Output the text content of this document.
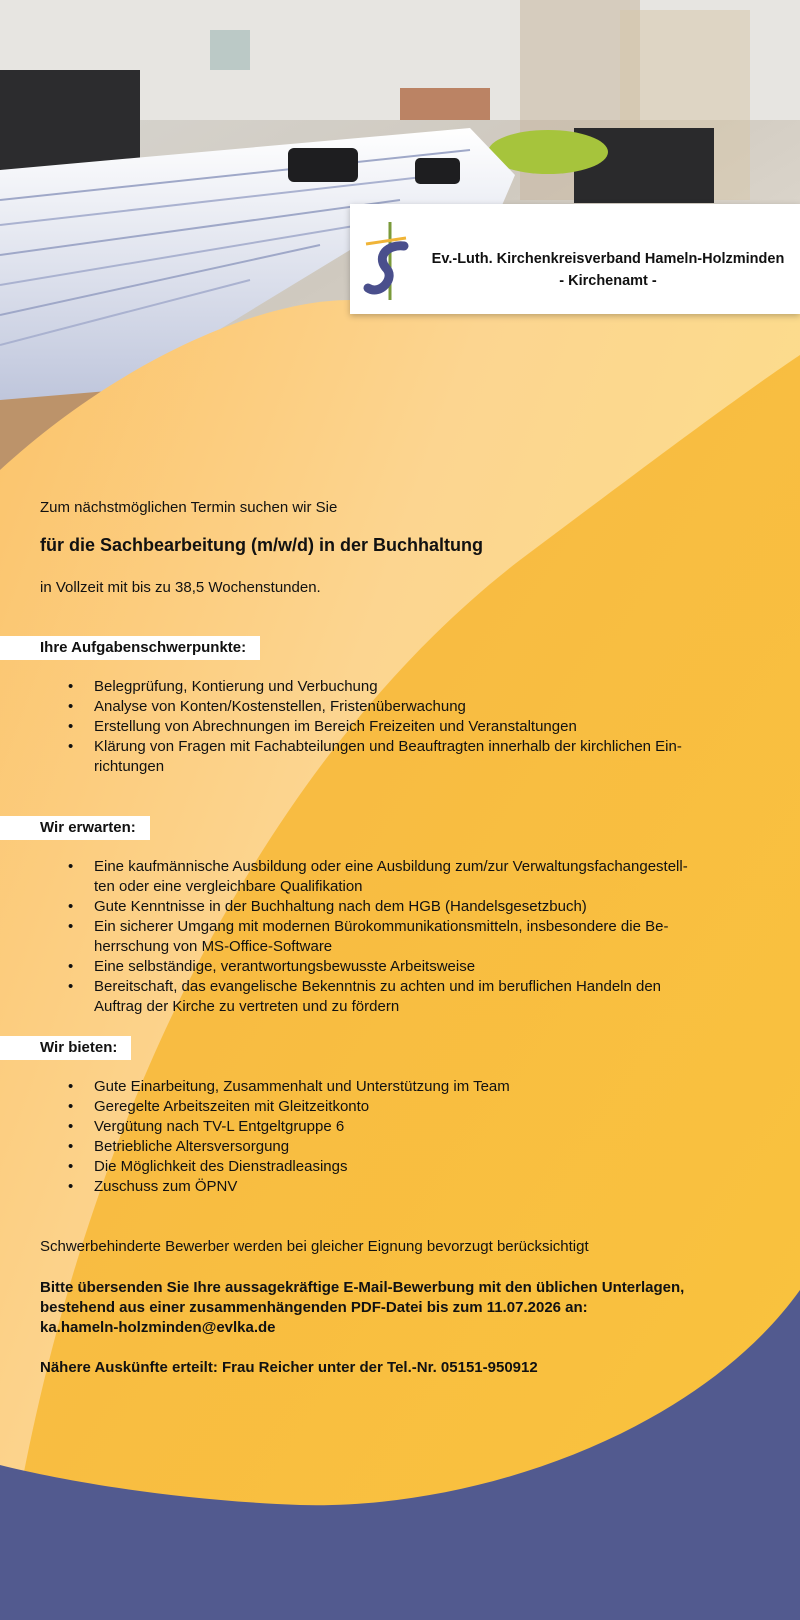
Ev.-Luth. Kirchenkreisverband Hameln-Holzminden
- Kirchenamt -
Zum nächstmöglichen Termin suchen wir Sie
für die Sachbearbeitung (m/w/d) in der Buchhaltung
in Vollzeit mit bis zu 38,5 Wochenstunden.
Ihre Aufgabenschwerpunkte:
• Belegprüfung, Kontierung und Verbuchung
• Analyse von Konten/Kostenstellen, Fristenüberwachung
• Erstellung von Abrechnungen im Bereich Freizeiten und Veranstaltungen
• Klärung von Fragen mit Fachabteilungen und Beauftragten innerhalb der kirchlichen Ein-
richtungen
Wir erwarten:
• Eine kaufmännische Ausbildung oder eine Ausbildung zum/zur Verwaltungsfachangestell-
ten oder eine vergleichbare Qualifikation
• Gute Kenntnisse in der Buchhaltung nach dem HGB (Handelsgesetzbuch)
• Ein sicherer Umgang mit modernen Bürokommunikationsmitteln, insbesondere die Be-
herrschung von MS-Office-Software
• Eine selbständige, verantwortungsbewusste Arbeitsweise
• Bereitschaft, das evangelische Bekenntnis zu achten und im beruflichen Handeln den
Auftrag der Kirche zu vertreten und zu fördern
Wir bieten:
• Gute Einarbeitung, Zusammenhalt und Unterstützung im Team
• Geregelte Arbeitszeiten mit Gleitzeitkonto
• Vergütung nach TV-L Entgeltgruppe 6
• Betriebliche Altersversorgung
• Die Möglichkeit des Dienstradleasings
• Zuschuss zum ÖPNV
Schwerbehinderte Bewerber werden bei gleicher Eignung bevorzugt berücksichtigt
Bitte übersenden Sie Ihre aussagekräftige E-Mail-Bewerbung mit den üblichen Unterlagen,
bestehend aus einer zusammenhängenden PDF-Datei bis zum 11.07.2026 an:
ka.hameln-holzminden@evlka.de
Nähere Auskünfte erteilt: Frau Reicher unter der Tel.-Nr. 05151-950912
